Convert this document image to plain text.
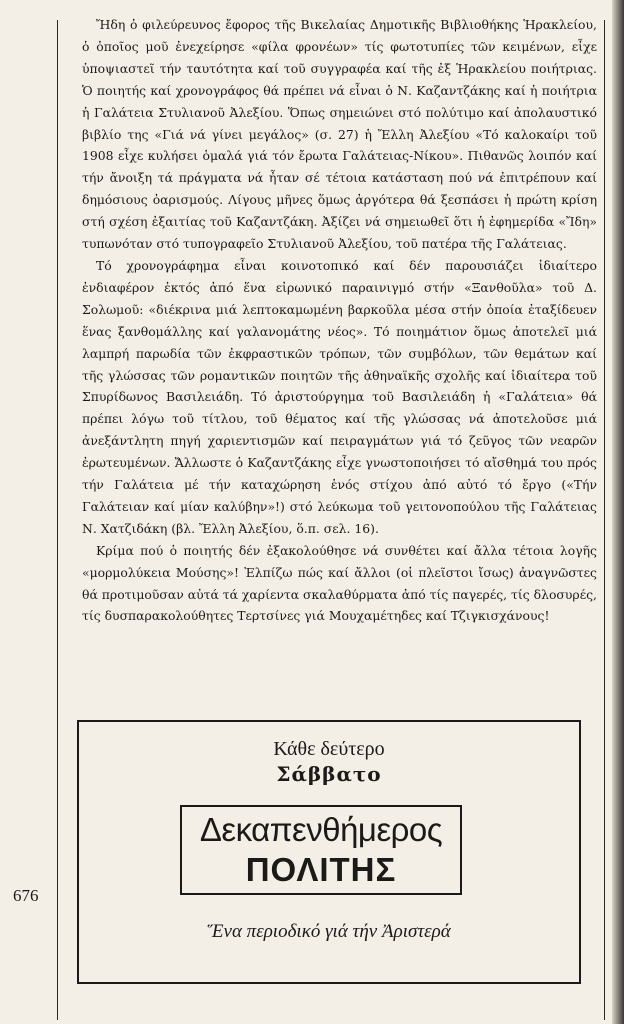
676

Ἤδη ὁ φιλεύρευνος ἔφορος τῆς Βικελαίας Δημοτικῆς Βιβλιοθήκης Ἡρακλείου, ὁ ὁποῖος μοῦ ἐνεχείρησε «φίλα φρονέων» τίς φωτοτυπίες τῶν κειμένων, εἶχε ὑποψιαστεῖ τήν ταυτότητα καί τοῦ συγγραφέα καί τῆς ἐξ Ἡρακλείου ποιήτριας. Ὁ ποιητής καί χρονογράφος θά πρέπει νά εἶναι ὁ Ν. Καζαντζάκης καί ἡ ποιήτρια ἡ Γαλάτεια Στυλιανοῦ Ἀλεξίου. Ὅπως σημειώνει στό πολύτιμο καί ἀπολαυστικό βιβλίο της «Γιά νά γίνει μεγάλος» (σ. 27) ἡ Ἔλλη Ἀλεξίου «Τό καλοκαίρι τοῦ 1908 εἶχε κυλήσει ὁμαλά γιά τόν ἔρωτα Γαλάτειας-Νίκου». Πιθανῶς λοιπόν καί τήν ἄνοιξη τά πράγματα νά ἦταν σέ τέτοια κατάσταση πού νά ἐπιτρέπουν καί δημόσιους ὀαρισμούς. Λίγους μῆνες ὅμως ἀργότερα θά ξεσπάσει ἡ πρώτη κρίση στή σχέση ἐξαιτίας τοῦ Καζαντζάκη. Ἀξίζει νά σημειωθεῖ ὅτι ἡ ἐφημερίδα «Ἴδη» τυπωνόταν στό τυπογραφεῖο Στυλιανοῦ Ἀλεξίου, τοῦ πατέρα τῆς Γαλάτειας.

Τό χρονογράφημα εἶναι κοινοτοπικό καί δέν παρουσιάζει ἰδιαίτερο ἐνδιαφέρον ἐκτός ἀπό ἕνα εἰρωνικό παραινιγμό στήν «Ξανθοῦλα» τοῦ Δ. Σολωμοῦ: «διέκρινα μιά λεπτοκαμωμένη βαρκοῦλα μέσα στήν ὁποία ἐταξίδευεν ἕνας ξανθομάλλης καί γαλανομάτης νέος». Τό ποιημάτιον ὅμως ἀποτελεῖ μιά λαμπρή παρωδία τῶν ἐκφραστικῶν τρόπων, τῶν συμβόλων, τῶν θεμάτων καί τῆς γλώσσας τῶν ρομαντικῶν ποιητῶν τῆς ἀθηναϊκῆς σχολῆς καί ἰδιαίτερα τοῦ Σπυρίδωνος Βασιλειάδη. Τό ἀριστούργημα τοῦ Βασιλειάδη ἡ «Γαλάτεια» θά πρέπει λόγω τοῦ τίτλου, τοῦ θέματος καί τῆς γλώσσας νά ἀποτελοῦσε μιά ἀνεξάντλητη πηγή χαριεντισμῶν καί πειραγμάτων γιά τό ζεῦγος τῶν νεαρῶν ἐρωτευμένων. Ἄλλωστε ὁ Καζαντζάκης εἶχε γνωστοποιήσει τό αἴσθημά του πρός τήν Γαλάτεια μέ τήν καταχώρηση ἑνός στίχου ἀπό αὐτό τό ἔργο («Τήν Γαλάτειαν καί μίαν καλύβην»!) στό λεύκωμα τοῦ γειτονοπούλου τῆς Γαλάτειας Ν. Χατζιδάκη (βλ. Ἔλλη Ἀλεξίου, ὅ.π. σελ. 16).

Κρίμα πού ὁ ποιητής δέν ἐξακολούθησε νά συνθέτει καί ἄλλα τέτοια λογῆς «μορμολύκεια Μούσης»! Ἐλπίζω πώς καί ἄλλοι (οἱ πλεῖστοι ἴσως) ἀναγνῶστες θά προτιμοῦσαν αὐτά τά χαρίεντα σκαλαθύρματα ἀπό τίς παγερές, τίς δλοσυρές, τίς δυσπαρακολούθητες Τερτσίνες γιά Μουχαμέτηδες καί Τζιγκισχάνους!

Κάθε δεύτερο
Σάββατο
Δεκαπενθήμερος
ΠΟΛΙΤΗΣ
Ἕνα περιοδικό γιά τήν Ἀριστερά
